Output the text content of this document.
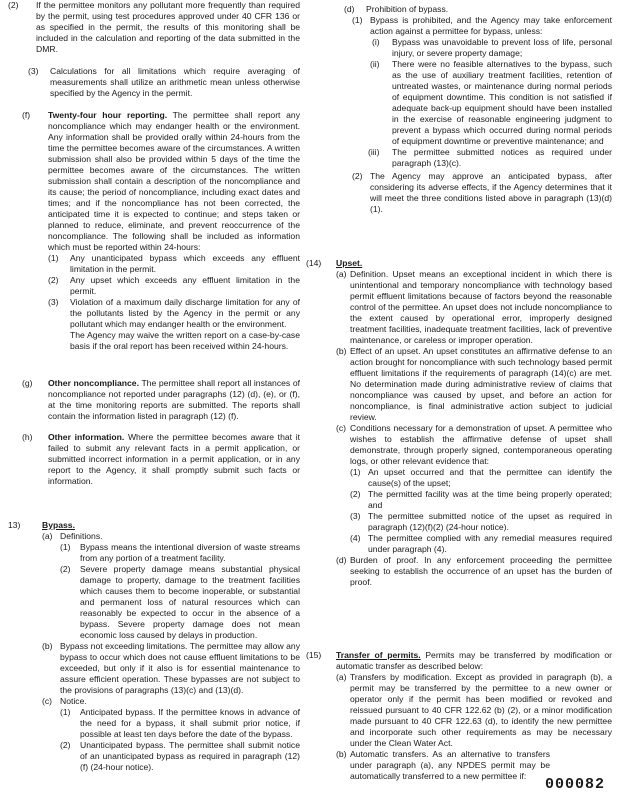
(2) If the permittee monitors any pollutant more frequently than required by the permit, using test procedures approved under 40 CFR 136 or as specified in the permit, the results of this monitoring shall be included in the calculation and reporting of the data submitted in the DMR.
(3) Calculations for all limitations which require averaging of measurements shall utilize an arithmetic mean unless otherwise specified by the Agency in the permit.
(f) Twenty-four hour reporting. The permittee shall report any noncompliance which may endanger health or the environment. Any information shall be provided orally within 24-hours from the time the permittee becomes aware of the circumstances. A written submission shall also be provided within 5 days of the time the permittee becomes aware of the circumstances. The written submission shall contain a description of the noncompliance and its cause; the period of noncompliance, including exact dates and times; and if the noncompliance has not been corrected, the anticipated time it is expected to continue; and steps taken or planned to reduce, eliminate, and prevent reoccurrence of the noncompliance. The following shall be included as information which must be reported within 24-hours:
(1) Any unanticipated bypass which exceeds any effluent limitation in the permit.
(2) Any upset which exceeds any effluent limitation in the permit.
(3) Violation of a maximum daily discharge limitation for any of the pollutants listed by the Agency in the permit or any pollutant which may endanger health or the environment.
The Agency may waive the written report on a case-by-case basis if the oral report has been received within 24-hours.
(g) Other noncompliance. The permittee shall report all instances of noncompliance not reported under paragraphs (12) (d), (e), or (f), at the time monitoring reports are submitted. The reports shall contain the information listed in paragraph (12) (f).
(h) Other information. Where the permittee becomes aware that it failed to submit any relevant facts in a permit application, or submitted incorrect information in a permit application, or in any report to the Agency, it shall promptly submit such facts or information.
13)	Bypass.
(a) Definitions.
(1) Bypass means the intentional diversion of waste streams from any portion of a treatment facility.
(2) Severe property damage means substantial physical damage to property, damage to the treatment facilities which causes them to become inoperable, or substantial and permanent loss of natural resources which can reasonably be expected to occur in the absence of a bypass. Severe property damage does not mean economic loss caused by delays in production.
(b) Bypass not exceeding limitations. The permittee may allow any bypass to occur which does not cause effluent limitations to be exceeded, but only if it also is for essential maintenance to assure efficient operation. These bypasses are not subject to the provisions of paragraphs (13)(c) and (13)(d).
(c) Notice.
(1) Anticipated bypass. If the permittee knows in advance of the need for a bypass, it shall submit prior notice, if possible at least ten days before the date of the bypass.
(2) Unanticipated bypass. The permittee shall submit notice of an unanticipated bypass as required in paragraph (12)(f) (24-hour notice).
(d) Prohibition of bypass.
(1) Bypass is prohibited, and the Agency may take enforcement action against a permittee for bypass, unless:
(i) Bypass was unavoidable to prevent loss of life, personal injury, or severe property damage;
(ii) There were no feasible alternatives to the bypass, such as the use of auxiliary treatment facilities, retention of untreated wastes, or maintenance during normal periods of equipment downtime. This condition is not satisfied if adequate back-up equipment should have been installed in the exercise of reasonable engineering judgment to prevent a bypass which occurred during normal periods of equipment downtime or preventive maintenance; and
(iii) The permittee submitted notices as required under paragraph (13)(c).
(2) The Agency may approve an anticipated bypass, after considering its adverse effects, if the Agency determines that it will meet the three conditions listed above in paragraph (13)(d)(1).
(14) Upset.
(a) Definition. Upset means an exceptional incident in which there is unintentional and temporary noncompliance with technology based permit effluent limitations because of factors beyond the reasonable control of the permittee. An upset does not include noncompliance to the extent caused by operational error, improperly designed treatment facilities, inadequate treatment facilities, lack of preventive maintenance, or careless or improper operation.
(b) Effect of an upset. An upset constitutes an affirmative defense to an action brought for noncompliance with such technology based permit effluent limitations if the requirements of paragraph (14)(c) are met. No determination made during administrative review of claims that noncompliance was caused by upset, and before an action for noncompliance, is final administrative action subject to judicial review.
(c) Conditions necessary for a demonstration of upset. A permittee who wishes to establish the affirmative defense of upset shall demonstrate, through properly signed, contemporaneous operating logs, or other relevant evidence that:
(1) An upset occurred and that the permittee can identify the cause(s) of the upset;
(2) The permitted facility was at the time being properly operated; and
(3) The permittee submitted notice of the upset as required in paragraph (12)(f)(2) (24-hour notice).
(4) The permittee complied with any remedial measures required under paragraph (4).
(d) Burden of proof. In any enforcement proceeding the permittee seeking to establish the occurrence of an upset has the burden of proof.
(15) Transfer of permits. Permits may be transferred by modification or automatic transfer as described below:
(a) Transfers by modification. Except as provided in paragraph (b), a permit may be transferred by the permittee to a new owner or operator only if the permit has been modified or revoked and reissued pursuant to 40 CFR 122.62 (b) (2), or a minor modification made pursuant to 40 CFR 122.63 (d), to identify the new permittee and incorporate such other requirements as may be necessary under the Clean Water Act.
(b) Automatic transfers. As an alternative to transfers under paragraph (a), any NPDES permit may be automatically transferred to a new permittee if:	000082
